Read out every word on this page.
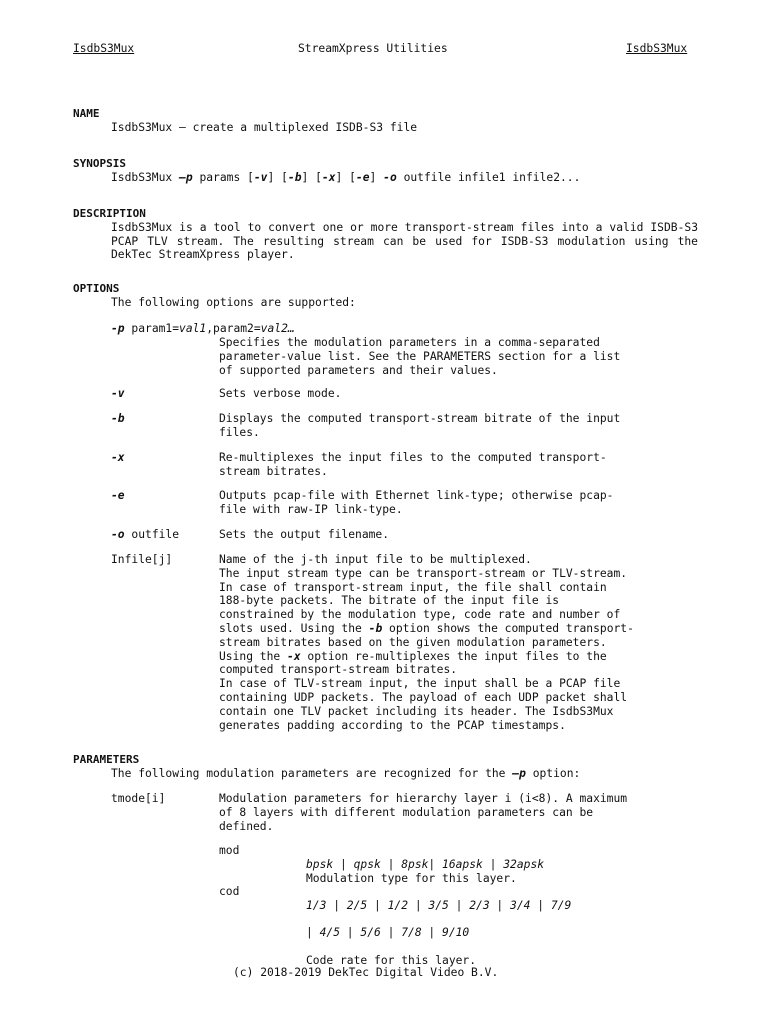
IsdbS3Mux	StreamXpress Utilities	IsdbS3Mux
NAME
IsdbS3Mux – create a multiplexed ISDB-S3 file
SYNOPSIS
IsdbS3Mux –p params [-v] [-b] [-x] [-e] -o outfile infile1 infile2...
DESCRIPTION
IsdbS3Mux is a tool to convert one or more transport-stream files into a valid ISDB-S3 PCAP TLV stream. The resulting stream can be used for ISDB-S3 modulation using the DekTec StreamXpress player.
OPTIONS
The following options are supported:
-p param1=val1,param2=val2…
Specifies the modulation parameters in a comma-separated
parameter-value list. See the PARAMETERS section for a list
of supported parameters and their values.
-v	Sets verbose mode.
-b	Displays the computed transport-stream bitrate of the input
files.
-x	Re-multiplexes the input files to the computed transport-
stream bitrates.
-e	Outputs pcap-file with Ethernet link-type; otherwise pcap-
file with raw-IP link-type.
-o outfile	Sets the output filename.
Infile[j]	Name of the j-th input file to be multiplexed.
The input stream type can be transport-stream or TLV-stream.
In case of transport-stream input, the file shall contain
188-byte packets. The bitrate of the input file is
constrained by the modulation type, code rate and number of
slots used. Using the -b option shows the computed transport-
stream bitrates based on the given modulation parameters.
Using the -x option re-multiplexes the input files to the
computed transport-stream bitrates.
In case of TLV-stream input, the input shall be a PCAP file
containing UDP packets. The payload of each UDP packet shall
contain one TLV packet including its header. The IsdbS3Mux
generates padding according to the PCAP timestamps.
PARAMETERS
The following modulation parameters are recognized for the –p option:
tmode[i]	Modulation parameters for hierarchy layer i (i<8). A maximum
of 8 layers with different modulation parameters can be
defined.
mod

bpsk | qpsk | 8psk| 16apsk | 32apsk

Modulation type for this layer.

cod

1/3 | 2/5 | 1/2 | 3/5 | 2/3 | 3/4 | 7/9

| 4/5 | 5/6 | 7/8 | 9/10

Code rate for this layer.

(c) 2018-2019 DekTec Digital Video B.V.
